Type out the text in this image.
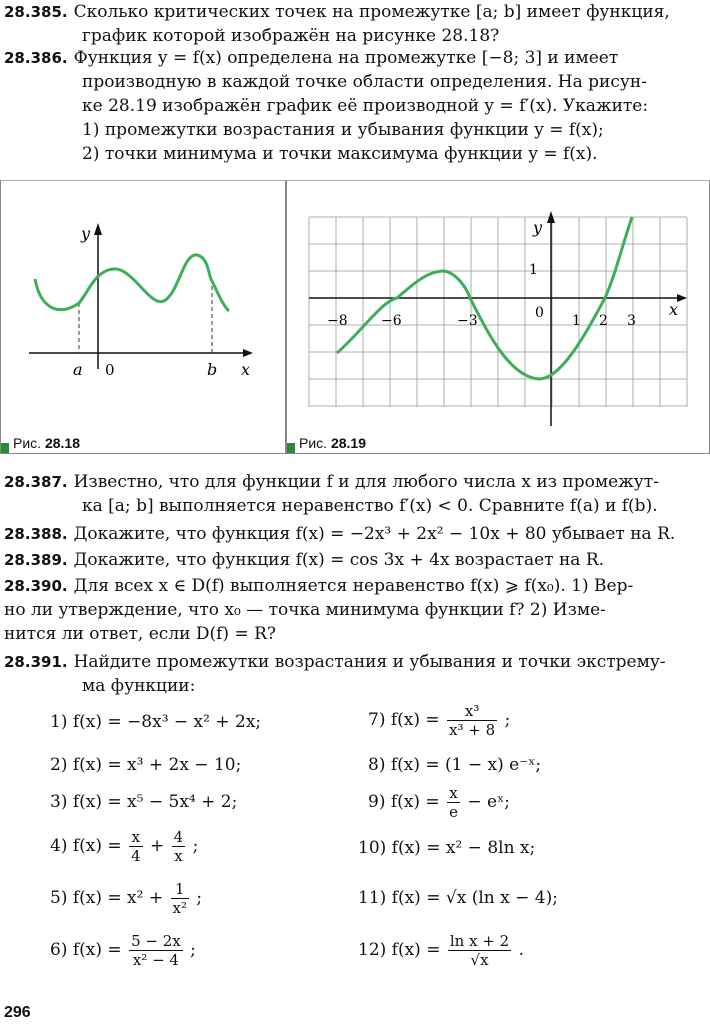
28.385. Сколько критических точек на промежутке [a; b] имеет функция,
график которой изображён на рисунке 28.18?
28.386. Функция y = f(x) определена на промежутке [−8; 3] и имеет
производную в каждой точке области определения. На рисун-
ке 28.19 изображён график её производной y = f′(x). Укажите:
1) промежутки возрастания и убывания функции y = f(x);
2) точки минимума и точки максимума функции y = f(x).
y
x
a 0	b
Рис. 28.18
y
x
1
0
−8 −6	−3	1 2 3
Рис. 28.19
28.387. Известно, что для функции f и для любого числа x из промежут-
ка [a; b] выполняется неравенство f′(x) < 0. Сравните f(a) и f(b).
28.388. Докажите, что функция f(x) = −2x³ + 2x² − 10x + 80 убывает на R.
28.389. Докажите, что функция f(x) = cos 3x + 4x возрастает на R.
28.390. Для всех x ∈ D(f) выполняется неравенство f(x) ⩾ f(x₀). 1) Вер-
но ли утверждение, что x₀ — точка минимума функции f? 2) Изме-
нится ли ответ, если D(f) = R?
28.391. Найдите промежутки возрастания и убывания и точки экстрему-
ма функции:
1) f(x) = −8x³ − x² + 2x;
2) f(x) = x³ + 2x − 10;
3) f(x) = x⁵ − 5x⁴ + 2;
4) $f(x) = \frac{x}{4} + \frac{4}{x}$ ;
5) $f(x) = x^2 + \frac{1}{\text{x²}}$ ;
6) $f(x) = \frac{5 - 2x}{\text{x² − 4}}$ ;
7) $f(x) = \frac{\text{x³}}{\text{x³ + 8}}$ ;
8) f(x) = (1 − x) e⁻ˣ;
9) $f(x) = \frac{x}{e}$ − eˣ;
10) f(x) = x² − 8ln x;
11) f(x) = √x (ln x − 4);
12) $f(x) = \frac{\text{ln x + 2}}{√x}$ .
296
